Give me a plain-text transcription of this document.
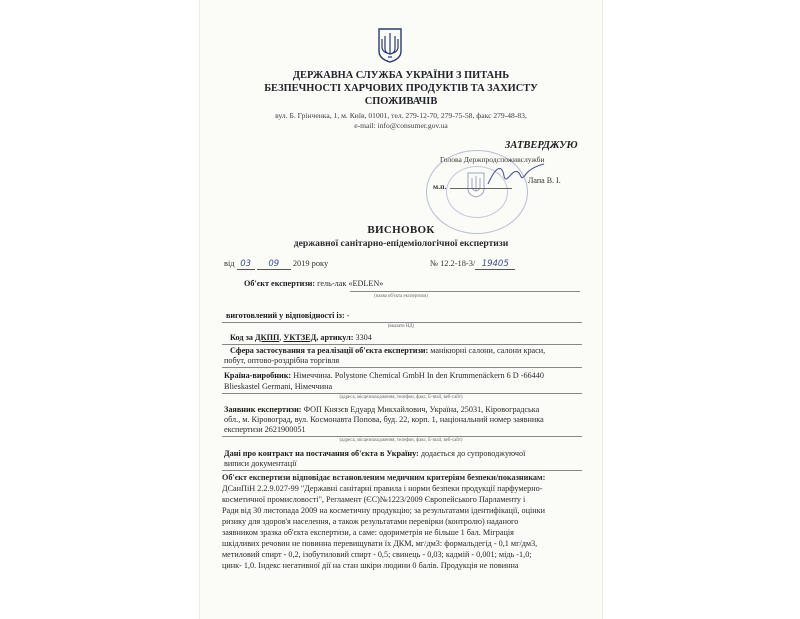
ДЕРЖАВНА СЛУЖБА УКРАЇНИ З ПИТАНЬ
БЕЗПЕЧНОСТІ ХАРЧОВИХ ПРОДУКТІВ ТА ЗАХИСТУ
СПОЖИВАЧІВ
вул. Б. Грінченка, 1, м. Київ, 01001, тел. 279-12-70, 279-75-58, факс 279-48-83,
e-mail: info@consumer.gov.ua
ЗАТВЕРДЖУЮ
Голова Держпродспоживслужби
м.п.
Лапа В. І.
ВИСНОВОК
державної санітарно-епідеміологічної експертизи
від 03 09 2019 року	№ 12.2-18-3/ 19405
Об'єкт експертизи: гель-лак «EDLEN»
(назва об'єкта експертизи)
виготовлений у відповідності із: -
(вказати НД)
Код за ДКПП, УКТЗЕД, артикул: 3304
Сфера застосування та реалізації об'єкта експертизи: манікюрні салони, салони краси,
побут, оптово-роздрібна торгівля
Країна-виробник: Німеччина. Polystone Chemical GmbH In den Krummenäckern 6 D -66440
Blieskastel Germani, Німеччина
(адреса, місцезнаходження, телефон, факс, E-mail, веб-сайт)
Заявник експертизи: ФОП Князєв Едуард Микхайлович, Україна, 25031, Кіровоградська
обл., м. Кіровоград, вул. Космонавта Попова, буд. 22, корп. 1, національний номер заявника
експертизи 2621900051
(адреса, місцезнаходження, телефон, факс, E-mail, веб-сайт)
Дані про контракт на постачання об'єкта в Україну: додається до супроводжуючої
виписи документації
Об'єкт експертизи відповідає встановленим медичним критеріям безпеки/показникам:
ДСанПіН 2.2.9.027-99 "Державні санітарні правила і норми безпеки продукції парфумерно-
косметичної промисловості", Регламент (ЄС)№1223/2009 Європейського Парламенту і
Ради від 30 листопада 2009 на косметичну продукцію; за результатами ідентифікації, оцінки
ризику для здоров'я населення, а також результатами перевірки (контролю) наданого
заявником зразка об'єкта експертизи, а саме: одориметрія не більше 1 бал. Міграція
шкідливих речовин не повинна перевищувати їх ДКМ, мг/дм3: формальдегід - 0,1 мг/дм3,
метиловий спирт - 0,2, ізобутиловий спирт - 0,5; свинець - 0,03; кадмій - 0,001; мідь -1,0;
цинк- 1,0. Індекс негативної дії на стан шкіри людини 0 балів. Продукція не повинна
